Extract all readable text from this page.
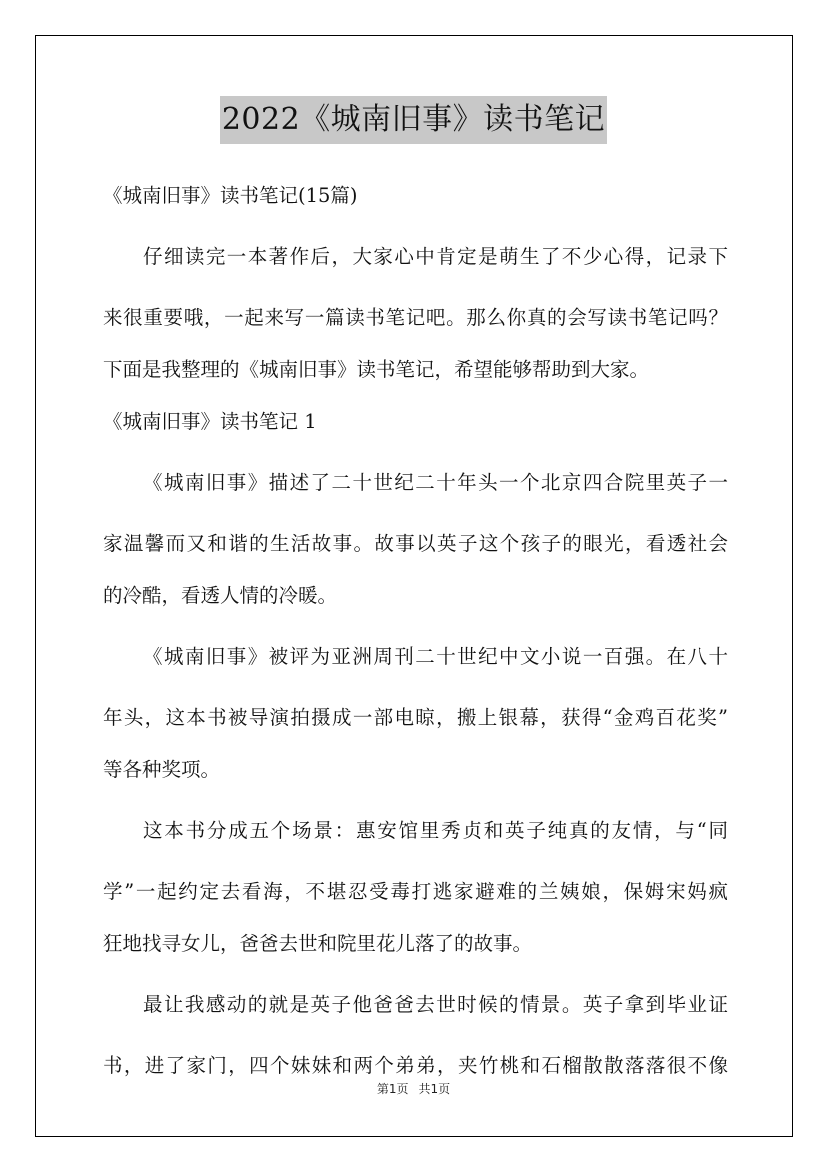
2022《城南旧事》读书笔记

《城南旧事》读书笔记(15篇)

仔细读完一本著作后，大家心中肯定是萌生了不少心得，记录下

来很重要哦，一起来写一篇读书笔记吧。那么你真的会写读书笔记吗？

下面是我整理的《城南旧事》读书笔记，希望能够帮助到大家。

《城南旧事》读书笔记 1

《城南旧事》描述了二十世纪二十年头一个北京四合院里英子一

家温馨而又和谐的生活故事。故事以英子这个孩子的眼光，看透社会

的冷酷，看透人情的冷暖。

《城南旧事》被评为亚洲周刊二十世纪中文小说一百强。在八十

年头，这本书被导演拍摄成一部电晾，搬上银幕，获得“金鸡百花奖”

等各种奖项。

这本书分成五个场景：惠安馆里秀贞和英子纯真的友情，与“同

学”一起约定去看海，不堪忍受毒打逃家避难的兰姨娘，保姆宋妈疯

狂地找寻女儿，爸爸去世和院里花儿落了的故事。

最让我感动的就是英子他爸爸去世时候的情景。英子拿到毕业证

书，进了家门，四个妹妹和两个弟弟，夹竹桃和石榴散散落落很不像

第1页 共1页
